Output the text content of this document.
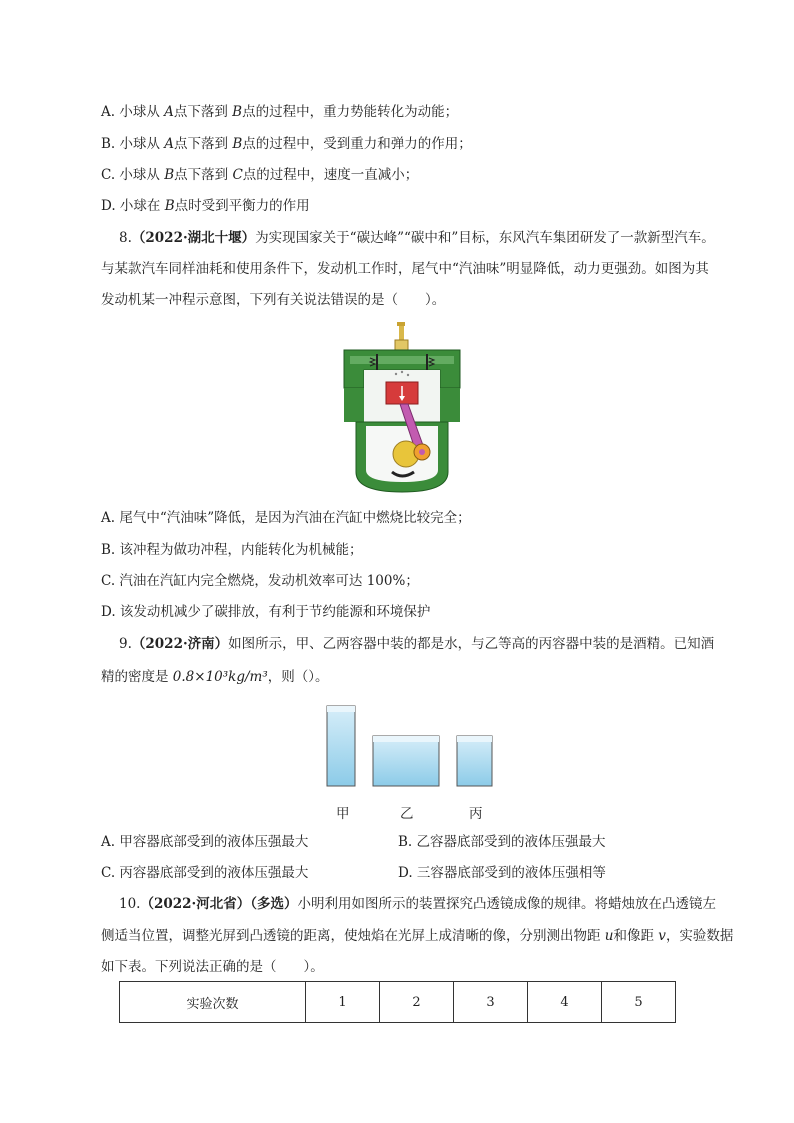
A. 小球从 A点下落到 B点的过程中，重力势能转化为动能；
B. 小球从 A点下落到 B点的过程中，受到重力和弹力的作用；
C. 小球从 B点下落到 C点的过程中，速度一直减小；
D. 小球在 B点时受到平衡力的作用
8.（2022·湖北十堰）为实现国家关于“碳达峰”“碳中和”目标，东风汽车集团研发了一款新型汽车。
与某款汽车同样油耗和使用条件下，发动机工作时，尾气中“汽油味”明显降低，动力更强劲。如图为其
发动机某一冲程示意图，下列有关说法错误的是（　　）。
A. 尾气中“汽油味”降低，是因为汽油在汽缸中燃烧比较完全；
B. 该冲程为做功冲程，内能转化为机械能；
C. 汽油在汽缸内完全燃烧，发动机效率可达 100%；
D. 该发动机减少了碳排放，有利于节约能源和环境保护
9.（2022·济南）如图所示，甲、乙两容器中装的都是水，与乙等高的丙容器中装的是酒精。已知酒
精的密度是 0.8×10³kg/m³，则（）。
甲	乙	丙
A. 甲容器底部受到的液体压强最大	B. 乙容器底部受到的液体压强最大
C. 丙容器底部受到的液体压强最大	D. 三容器底部受到的液体压强相等
10.（2022·河北省）（多选）小明利用如图所示的装置探究凸透镜成像的规律。将蜡烛放在凸透镜左
侧适当位置，调整光屏到凸透镜的距离，使烛焰在光屏上成清晰的像，分别测出物距 u和像距 v，实验数据
如下表。下列说法正确的是（　　）。
实验次数	1	2	3	4	5
